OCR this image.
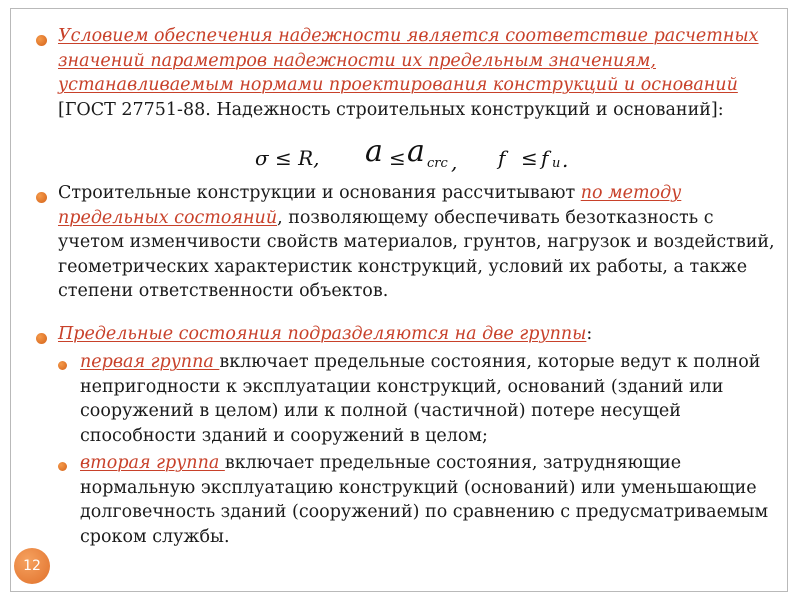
Условием обеспечения надежности является соответствие расчетных значений параметров надежности их предельным значениям, устанавливаемым нормами проектирования конструкций и оснований [ГОСТ 27751-88. Надежность строительных конструкций и оснований]:
σ ≤ R, a ≤ a crc , f ≤ f u .
Строительные конструкции и основания рассчитывают по методу предельных состояний, позволяющему обеспечивать безотказность с учетом изменчивости свойств материалов, грунтов, нагрузок и воздействий, геометрических характеристик конструкций, условий их работы, а также степени ответственности объектов.
Предельные состояния подразделяются на две группы:
первая группа включает предельные состояния, которые ведут к полной непригодности к эксплуатации конструкций, оснований (зданий или сооружений в целом) или к полной (частичной) потере несущей способности зданий и сооружений в целом;
вторая группа включает предельные состояния, затрудняющие нормальную эксплуатацию конструкций (оснований) или уменьшающие долговечность зданий (сооружений) по сравнению с предусматриваемым сроком службы.
12
